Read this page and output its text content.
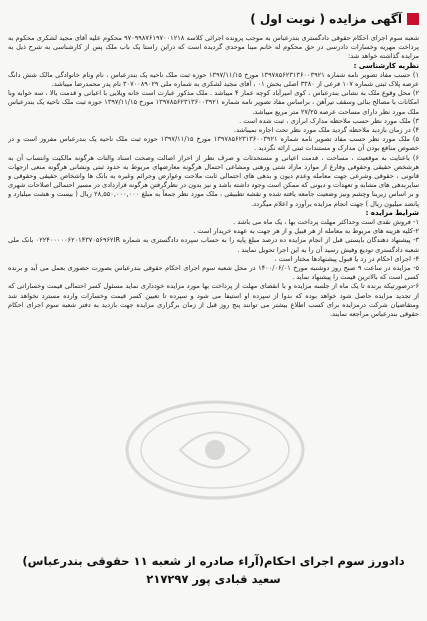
آگهی مزایده ( نوبت اول )

شعبه سوم اجرای احکام حقوقی دادگستری بندرعباس به موجب پرونده اجرائی کلاسه ۹۷۰۹۹۸۷۶۱۹۷۰۰۱۲۱۸ محکوم علیه آقای مجید لشکری محکوم به پرداخت مهریه وخسارات دادرسی در حق محکوم له خانم مینا موحدی گردیده است که دراین راستا یک باب ملک پس از کارشناسی به شرح ذیل به مزایده گذاشته خواهد شد:

نظریه کارشناسی :

۱) حسب مفاد تصویر نامه شماره ۱۳۹۷۸۵۶۲۳۱۳۶۰۰۳۹۲۱ مورخ ۱۳۹۷/۱۱/۱۵ حوزه ثبت ملک ناحیه یک بندرعباس ، نام ونام خانوادگی مالک شش دانگ عرصه پلاک ثبتی شماره ۱۰۷ فرعی از ۳۳۸۰ اصلی بخش ۰۱ ، آقای مجید لشکری به شماره ملی ۳۰۷۰۰۸۹۰۲۹ نام پدر محمدرضا میباشد.

۲) محل وقوع ملک به نشانی بندرعباس ، کوی امیرآباد کوچه عمار ۴ میباشد . ملک مذکور عبارت است خانه ویلایی با اعیانی و قدمت بالا ، سه خوابه وبا امکانات با مصالح بنائی وسقف تیرآهن ، براساس مفاد تصویر نامه شماره ۱۳۹۷۸۵۶۲۳۱۳۶۰۰۳۹۲۱ مورخ ۱۳۹۷/۱۱/۱۵ حوزه ثبت ملک ناحیه یک بندرعباس ملک مورد نظر دارای مساحت عرصه ۲۷/۲۵ متر مربع میباشد.

۳) ملک مورد نظر حسب ملاحظه مدارک ابرازی ، ثبت شده است .

۴) در زمان بازدید ملاحظه گردید ملک مورد نظر تحت اجاره نمیباشد.

۵) ملک مورد نظر حسب مفاد تصویر نامه شماره ۱۳۹۷۸۵۶۲۳۱۳۶۰۰۳۹۲۱ مورخ ۱۳۹۷/۱۱/۱۵ حوزه ثبت ملک ناحیه یک بندرعباس مفروز است و در خصوص منافع بودن آن مدارک و مستندات ثبتی ارائه نگردید .

۶) باعنایت به موقعیت ، مساحت ، قدمت اعیانی و مستحدثات و صرف نظر از احراز اصالت وصحت اسناد والتات هرگونه مالکیت وانتساب آن به هرشخص حقیقی وحقوقی وفارغ از موارد مازاد شتی ورهنی ومشاعی احتمال هرگونه معارضهای مربوط به حدود ثبتی ونشانی هرگونه منعی ازجهات قانونی ، حقوقی وشرعی جهت معامله وعدم دیون و بدهی های احتمالی ثابت ملاحت وعوارض وجرائم وغیره به بانک ها واشخاص حقیقی وحقوقی و سایربدهی های مشابه و تعهدات و دیونی که ممکن است وجود داشته باشد و نیز بدون در نظرگرفتن هرگونه قراردادی در مسیر احتمالی اصلاحات شهری و بر اساس زیربنا وچشم ونیز وضعیت جامعه یافته شده و نقشه تطبیقی ، ملک مورد نظر جمعاً به مبلغ ۲۸,۵۵۰,۰۰۰,۰۰۰ ریال ( بیست و هشت میلیارد و پانصد میلیون ریال ) جهت انجام مزایده برآورد و اعلام میگردد.

شرایط مزایده :

۱- فروش نقدی است وحداکثر مهلت پرداخت بها ، یک ماه می باشد .

۲-کلیه هزینه های مربوط به معامله از هر قبیل و از هر جهت به عهده خریدار است .

۳- پیشنهاد دهندگان بایستی قبل از انجام مزایده ده درصد مبلغ پایه را به حساب سپرده دادگستری به شماره ۰۲۲۴۰۰۰۰۰۶۲۰۱۴۳۷۰۵۶۹۶۲IR بانک ملی شعبه دادگستری تودیع وفیش رسید آن را به این اجرا تحویل نمایند .

۴- اجرای احکام در رد یا قبول پیشنهادها مختار است .

۵- مزایده در ساعت ۹ صبح روز دوشنبه مورخ ۱۴۰۰/۰۶/۰۱ در محل شعبه سوم اجرای احکام حقوقی بندرعباس بصورت حضوری بعمل می آید و برنده کسی است که بالاترین قیمت را پیشنهاد نماید .

۶-درصورتیکه برنده تا یک ماه از جلسه مزایده و با انقضای مهلت از پرداخت بها مورد مزایده خودداری نماید مسئول کسر احتمالی قیمت وخساراتی که از تجدید مزایده حاصل شود خواهد بوده که بدوا از سپرده او استیفا می شود و سپرده تا تعیین کسر قیمت وخسارات وارده مسترد نخواهد شد ومتقاضیان شرکت درمزایده برای کسب اطلاع بیشتر می توانند پنج روز قبل از زمان برگزاری مزایده جهت بازدید به دفتر شعبه سوم اجرای احکام حقوقی بندرعباس مراجعه نمایند.

دادورز سوم اجرای احکام(آراء صادره از شعبه ۱۱ حقوقی بندرعباس)
سعید قبادی پور ۲۱۷۲۹۷
